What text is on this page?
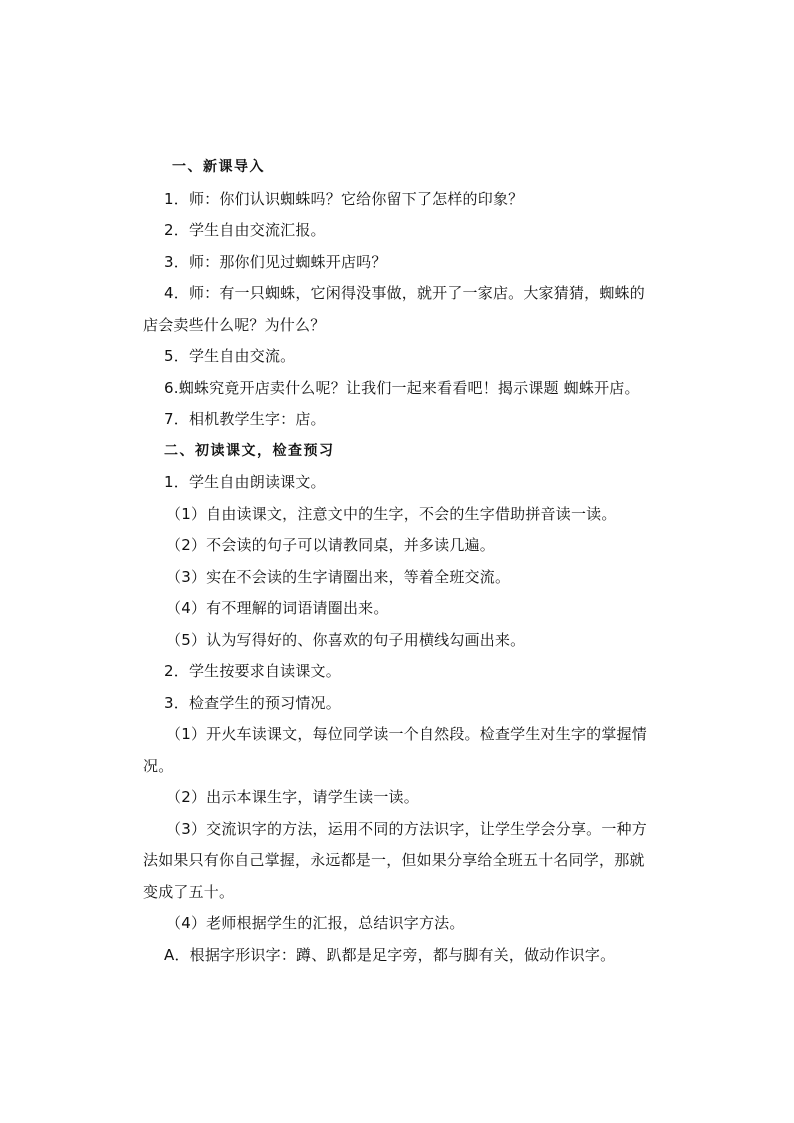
一、新课导入
1．师：你们认识蜘蛛吗？它给你留下了怎样的印象？
2．学生自由交流汇报。
3．师：那你们见过蜘蛛开店吗？
4．师：有一只蜘蛛，它闲得没事做，就开了一家店。大家猜猜，蜘蛛的
店会卖些什么呢？为什么？
5．学生自由交流。
6.蜘蛛究竟开店卖什么呢？让我们一起来看看吧！揭示课题 蜘蛛开店。
7．相机教学生字：店。
二、初读课文，检查预习
1．学生自由朗读课文。
（1）自由读课文，注意文中的生字，不会的生字借助拼音读一读。
（2）不会读的句子可以请教同桌，并多读几遍。
（3）实在不会读的生字请圈出来，等着全班交流。
（4）有不理解的词语请圈出来。
（5）认为写得好的、你喜欢的句子用横线勾画出来。
2．学生按要求自读课文。
3．检查学生的预习情况。
（1）开火车读课文，每位同学读一个自然段。检查学生对生字的掌握情
况。
（2）出示本课生字，请学生读一读。
（3）交流识字的方法，运用不同的方法识字，让学生学会分享。一种方
法如果只有你自己掌握，永远都是一，但如果分享给全班五十名同学，那就
变成了五十。
（4）老师根据学生的汇报，总结识字方法。
A．根据字形识字：蹲、趴都是足字旁，都与脚有关，做动作识字。
